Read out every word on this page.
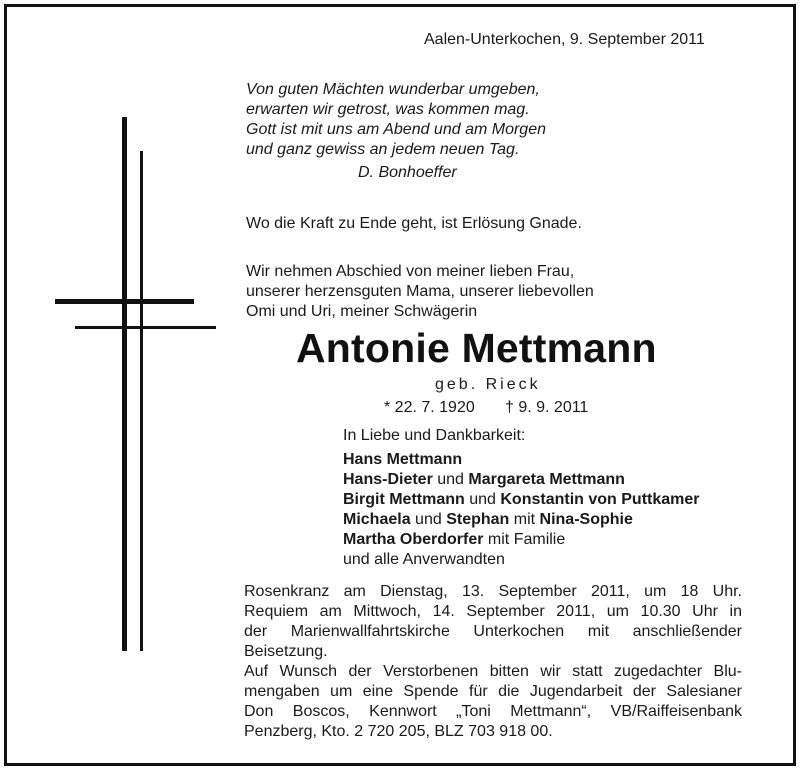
Aalen-Unterkochen, 9. September 2011
Von guten Mächten wunderbar umgeben,
erwarten wir getrost, was kommen mag.
Gott ist mit uns am Abend und am Morgen
und ganz gewiss an jedem neuen Tag.
D. Bonhoeffer
Wo die Kraft zu Ende geht, ist Erlösung Gnade.
Wir nehmen Abschied von meiner lieben Frau,
unserer herzensguten Mama, unserer liebevollen
Omi und Uri, meiner Schwägerin
Antonie Mettmann
geb. Rieck
* 22. 7. 1920 † 9. 9. 2011
In Liebe und Dankbarkeit:
Hans Mettmann
Hans-Dieter und Margareta Mettmann
Birgit Mettmann und Konstantin von Puttkamer
Michaela und Stephan mit Nina-Sophie
Martha Oberdorfer mit Familie
und alle Anverwandten
Rosenkranz am Dienstag, 13. September 2011, um 18 Uhr.
Requiem am Mittwoch, 14. September 2011, um 10.30 Uhr in
der Marienwallfahrtskirche Unterkochen mit anschließender
Beisetzung.
Auf Wunsch der Verstorbenen bitten wir statt zugedachter Blu-
mengaben um eine Spende für die Jugendarbeit der Salesianer
Don Boscos, Kennwort „Toni Mettmann“, VB/Raiffeisenbank
Penzberg, Kto. 2 720 205, BLZ 703 918 00.
